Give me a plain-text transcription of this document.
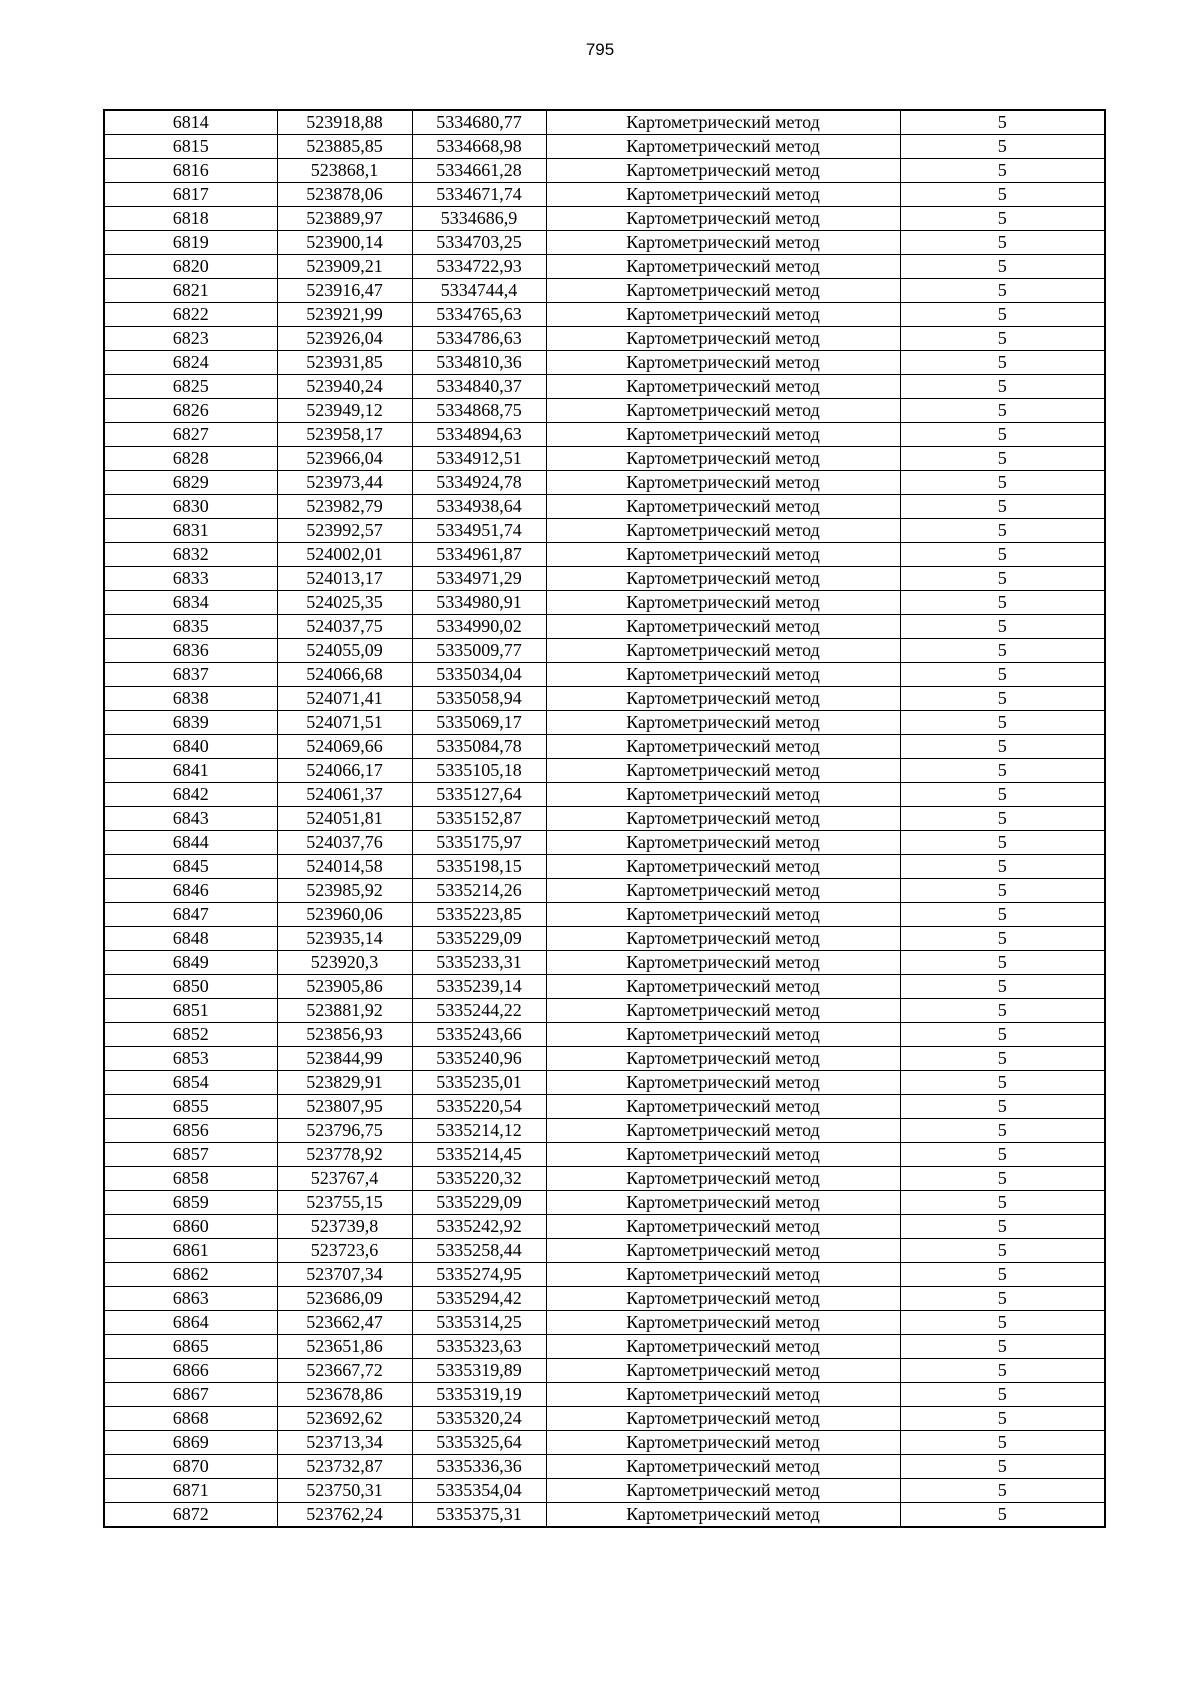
795
6814	523918,88	5334680,77	Картометрический метод	5
6815	523885,85	5334668,98	Картометрический метод	5
6816	523868,1	5334661,28	Картометрический метод	5
6817	523878,06	5334671,74	Картометрический метод	5
6818	523889,97	5334686,9	Картометрический метод	5
6819	523900,14	5334703,25	Картометрический метод	5
6820	523909,21	5334722,93	Картометрический метод	5
6821	523916,47	5334744,4	Картометрический метод	5
6822	523921,99	5334765,63	Картометрический метод	5
6823	523926,04	5334786,63	Картометрический метод	5
6824	523931,85	5334810,36	Картометрический метод	5
6825	523940,24	5334840,37	Картометрический метод	5
6826	523949,12	5334868,75	Картометрический метод	5
6827	523958,17	5334894,63	Картометрический метод	5
6828	523966,04	5334912,51	Картометрический метод	5
6829	523973,44	5334924,78	Картометрический метод	5
6830	523982,79	5334938,64	Картометрический метод	5
6831	523992,57	5334951,74	Картометрический метод	5
6832	524002,01	5334961,87	Картометрический метод	5
6833	524013,17	5334971,29	Картометрический метод	5
6834	524025,35	5334980,91	Картометрический метод	5
6835	524037,75	5334990,02	Картометрический метод	5
6836	524055,09	5335009,77	Картометрический метод	5
6837	524066,68	5335034,04	Картометрический метод	5
6838	524071,41	5335058,94	Картометрический метод	5
6839	524071,51	5335069,17	Картометрический метод	5
6840	524069,66	5335084,78	Картометрический метод	5
6841	524066,17	5335105,18	Картометрический метод	5
6842	524061,37	5335127,64	Картометрический метод	5
6843	524051,81	5335152,87	Картометрический метод	5
6844	524037,76	5335175,97	Картометрический метод	5
6845	524014,58	5335198,15	Картометрический метод	5
6846	523985,92	5335214,26	Картометрический метод	5
6847	523960,06	5335223,85	Картометрический метод	5
6848	523935,14	5335229,09	Картометрический метод	5
6849	523920,3	5335233,31	Картометрический метод	5
6850	523905,86	5335239,14	Картометрический метод	5
6851	523881,92	5335244,22	Картометрический метод	5
6852	523856,93	5335243,66	Картометрический метод	5
6853	523844,99	5335240,96	Картометрический метод	5
6854	523829,91	5335235,01	Картометрический метод	5
6855	523807,95	5335220,54	Картометрический метод	5
6856	523796,75	5335214,12	Картометрический метод	5
6857	523778,92	5335214,45	Картометрический метод	5
6858	523767,4	5335220,32	Картометрический метод	5
6859	523755,15	5335229,09	Картометрический метод	5
6860	523739,8	5335242,92	Картометрический метод	5
6861	523723,6	5335258,44	Картометрический метод	5
6862	523707,34	5335274,95	Картометрический метод	5
6863	523686,09	5335294,42	Картометрический метод	5
6864	523662,47	5335314,25	Картометрический метод	5
6865	523651,86	5335323,63	Картометрический метод	5
6866	523667,72	5335319,89	Картометрический метод	5
6867	523678,86	5335319,19	Картометрический метод	5
6868	523692,62	5335320,24	Картометрический метод	5
6869	523713,34	5335325,64	Картометрический метод	5
6870	523732,87	5335336,36	Картометрический метод	5
6871	523750,31	5335354,04	Картометрический метод	5
6872	523762,24	5335375,31	Картометрический метод	5
